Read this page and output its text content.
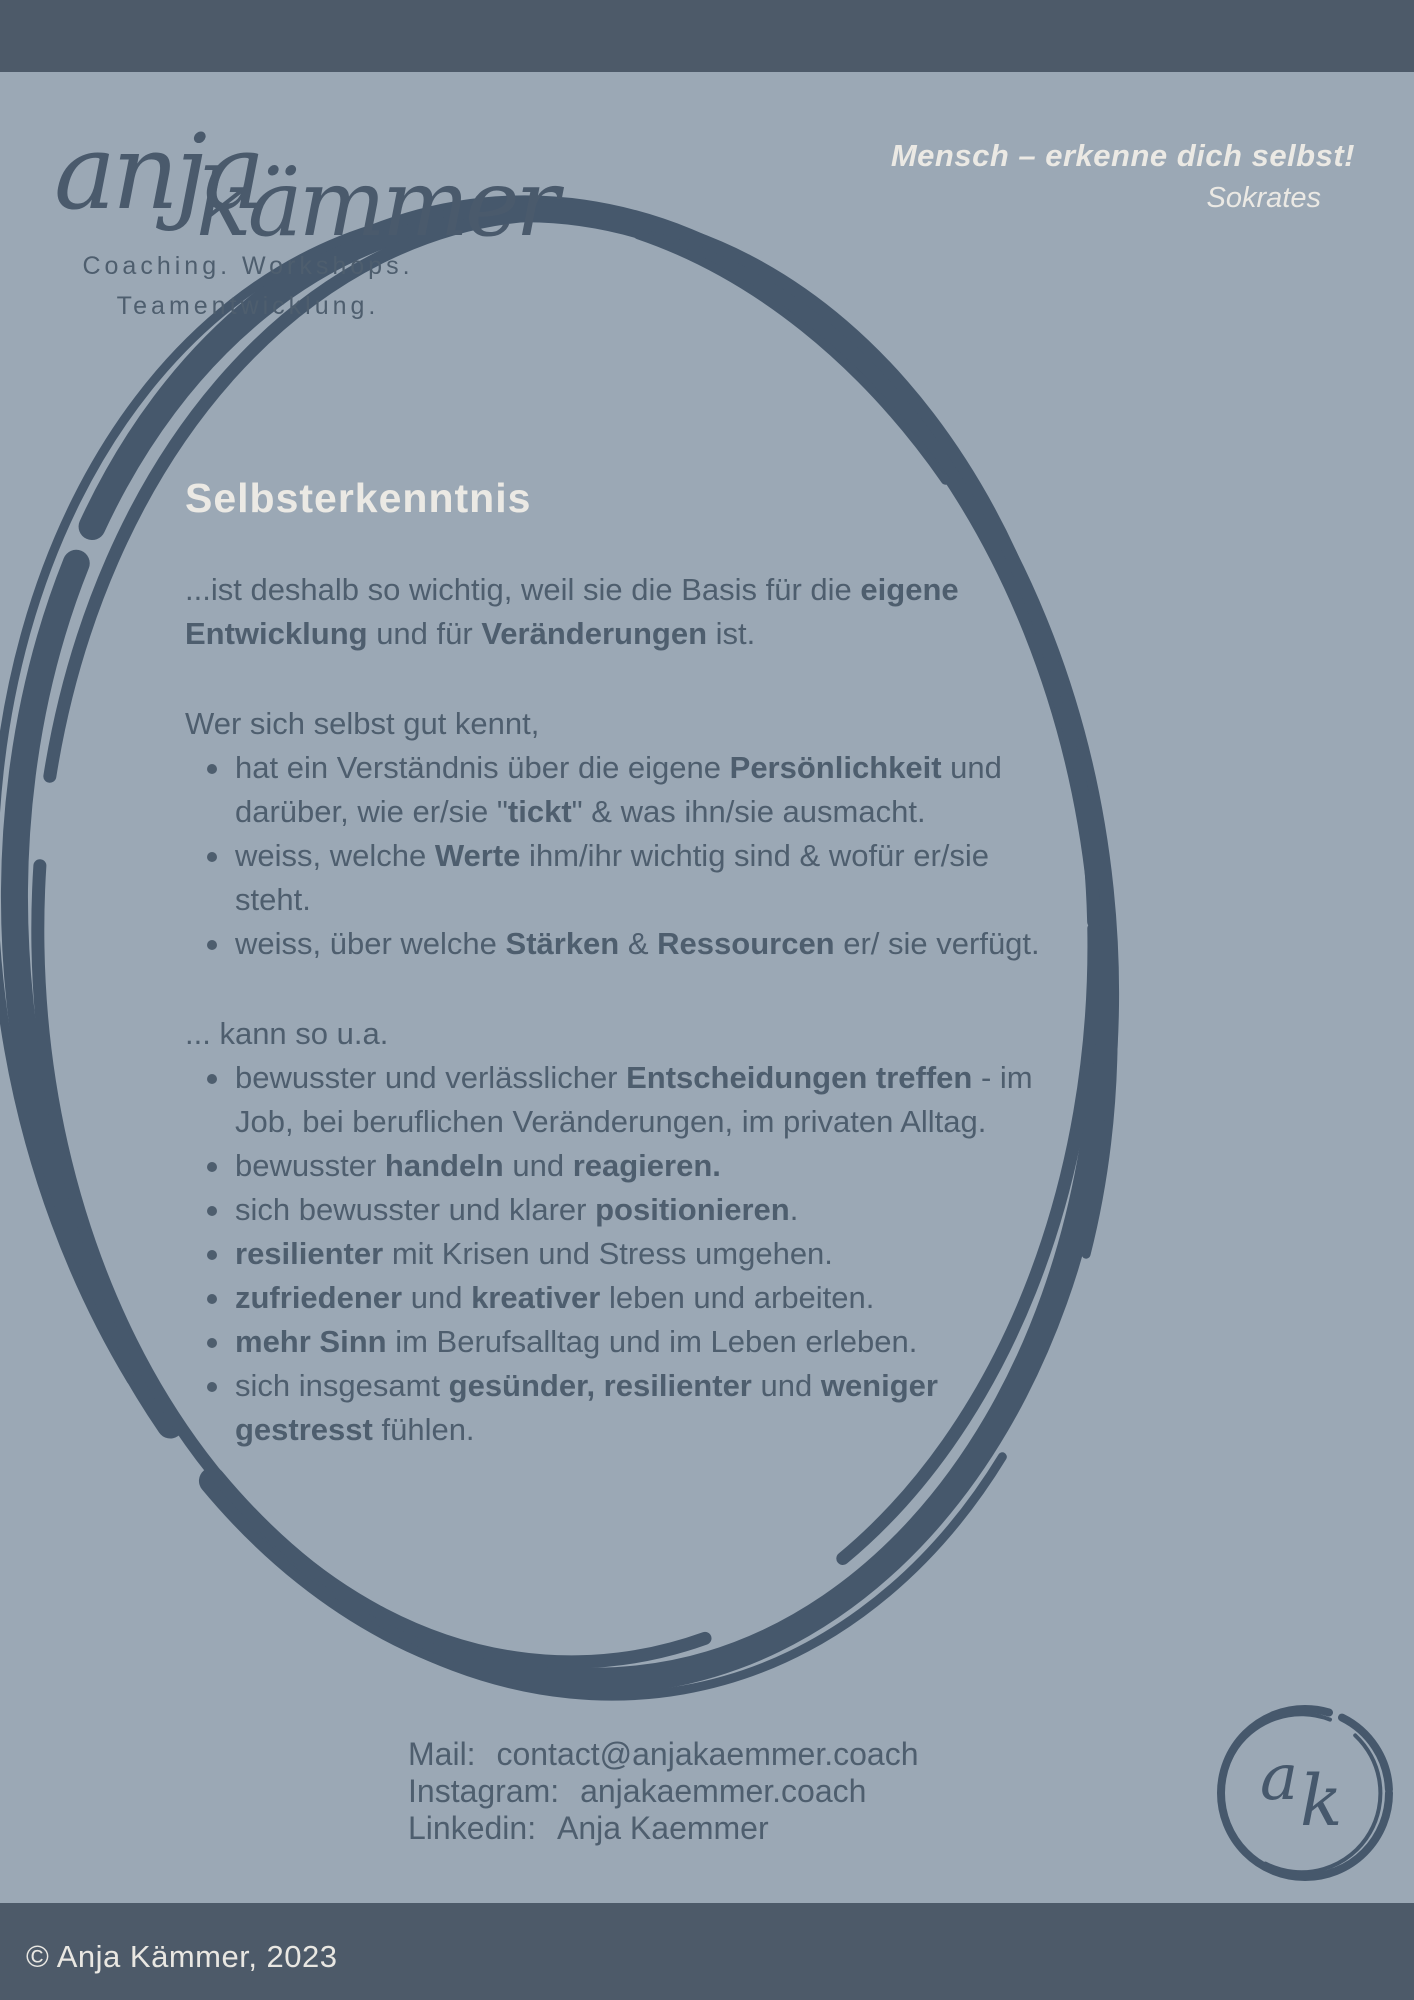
anja
kämmer
Coaching. Workshops.
Teamentwicklung.
Mensch – erkenne dich selbst!
Sokrates
Selbsterkenntnis

...ist deshalb so wichtig, weil sie die Basis für die eigene Entwicklung und für Veränderungen ist.

Wer sich selbst gut kennt,

hat ein Verständnis über die eigene Persönlichkeit und darüber, wie er/sie "tickt" & was ihn/sie ausmacht.
weiss, welche Werte ihm/ihr wichtig sind & wofür er/sie steht.
weiss, über welche Stärken & Ressourcen er/ sie verfügt.

... kann so u.a.

bewusster und verlässlicher Entscheidungen treffen - im Job, bei beruflichen Veränderungen, im privaten Alltag.
bewusster handeln und reagieren.
sich bewusster und klarer positionieren.
resilienter mit Krisen und Stress umgehen.
zufriedener und kreativer leben und arbeiten.
mehr Sinn im Berufsalltag und im Leben erleben.
sich insgesamt gesünder, resilienter und weniger gestresst fühlen.
Mail: contact@anjakaemmer.coach
Instagram: anjakaemmer.coach
Linkedin: Anja Kaemmer
a k
© Anja Kämmer, 2023
